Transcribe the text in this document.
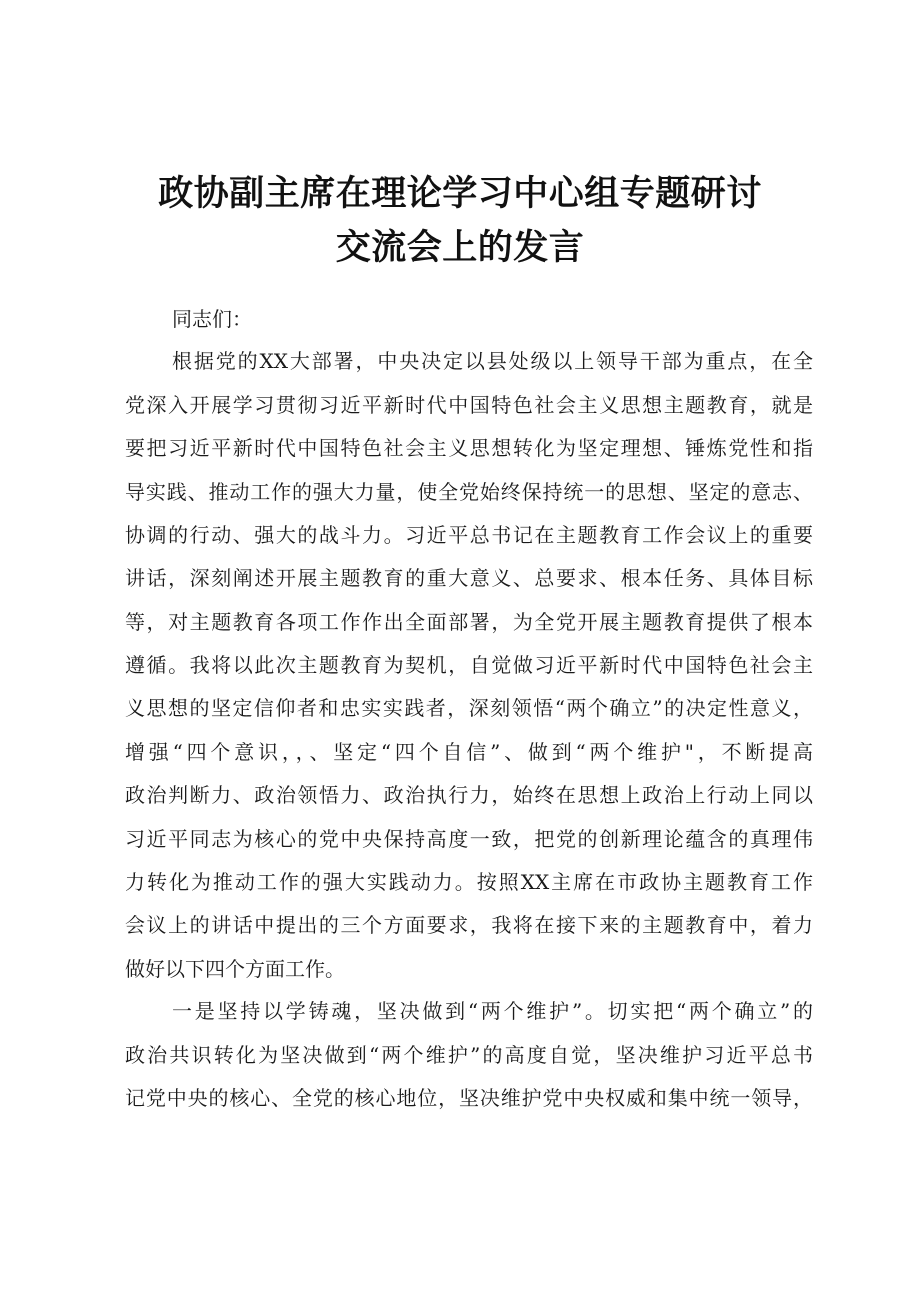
政协副主席在理论学习中心组专题研讨
交流会上的发言
同志们：
根据党的XX大部署，中央决定以县处级以上领导干部为重点，在全
党深入开展学习贯彻习近平新时代中国特色社会主义思想主题教育，就是
要把习近平新时代中国特色社会主义思想转化为坚定理想、锤炼党性和指
导实践、推动工作的强大力量，使全党始终保持统一的思想、坚定的意志、
协调的行动、强大的战斗力。习近平总书记在主题教育工作会议上的重要
讲话，深刻阐述开展主题教育的重大意义、总要求、根本任务、具体目标
等，对主题教育各项工作作出全面部署，为全党开展主题教育提供了根本
遵循。我将以此次主题教育为契机，自觉做习近平新时代中国特色社会主
义思想的坚定信仰者和忠实实践者，深刻领悟“两个确立”的决定性意义，
增强“四个意识，，、坚定“四个自信”、做到“两个维护"，不断提高
政治判断力、政治领悟力、政治执行力，始终在思想上政治上行动上同以
习近平同志为核心的党中央保持高度一致，把党的创新理论蕴含的真理伟
力转化为推动工作的强大实践动力。按照XX主席在市政协主题教育工作
会议上的讲话中提出的三个方面要求，我将在接下来的主题教育中，着力
做好以下四个方面工作。
一是坚持以学铸魂，坚决做到“两个维护”。切实把“两个确立”的
政治共识转化为坚决做到“两个维护”的高度自觉，坚决维护习近平总书
记党中央的核心、全党的核心地位，坚决维护党中央权威和集中统一领导，
